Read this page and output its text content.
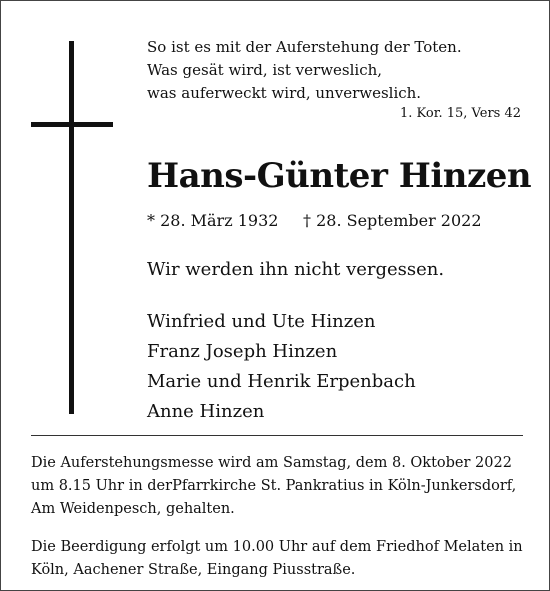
So ist es mit der Auferstehung der Toten.
Was gesät wird, ist verweslich,
was auferweckt wird, unverweslich.
1. Kor. 15, Vers 42
Hans-Günter Hinzen
* 28. März 1932 † 28. September 2022
Wir werden ihn nicht vergessen.
Winfried und Ute Hinzen
Franz Joseph Hinzen
Marie und Henrik Erpenbach
Anne Hinzen
Die Auferstehungsmesse wird am Samstag, dem 8. Oktober 2022
um 8.15 Uhr in derPfarrkirche St. Pankratius in Köln-Junkersdorf,
Am Weidenpesch, gehalten.
Die Beerdigung erfolgt um 10.00 Uhr auf dem Friedhof Melaten in
Köln, Aachener Straße, Eingang Piusstraße.
